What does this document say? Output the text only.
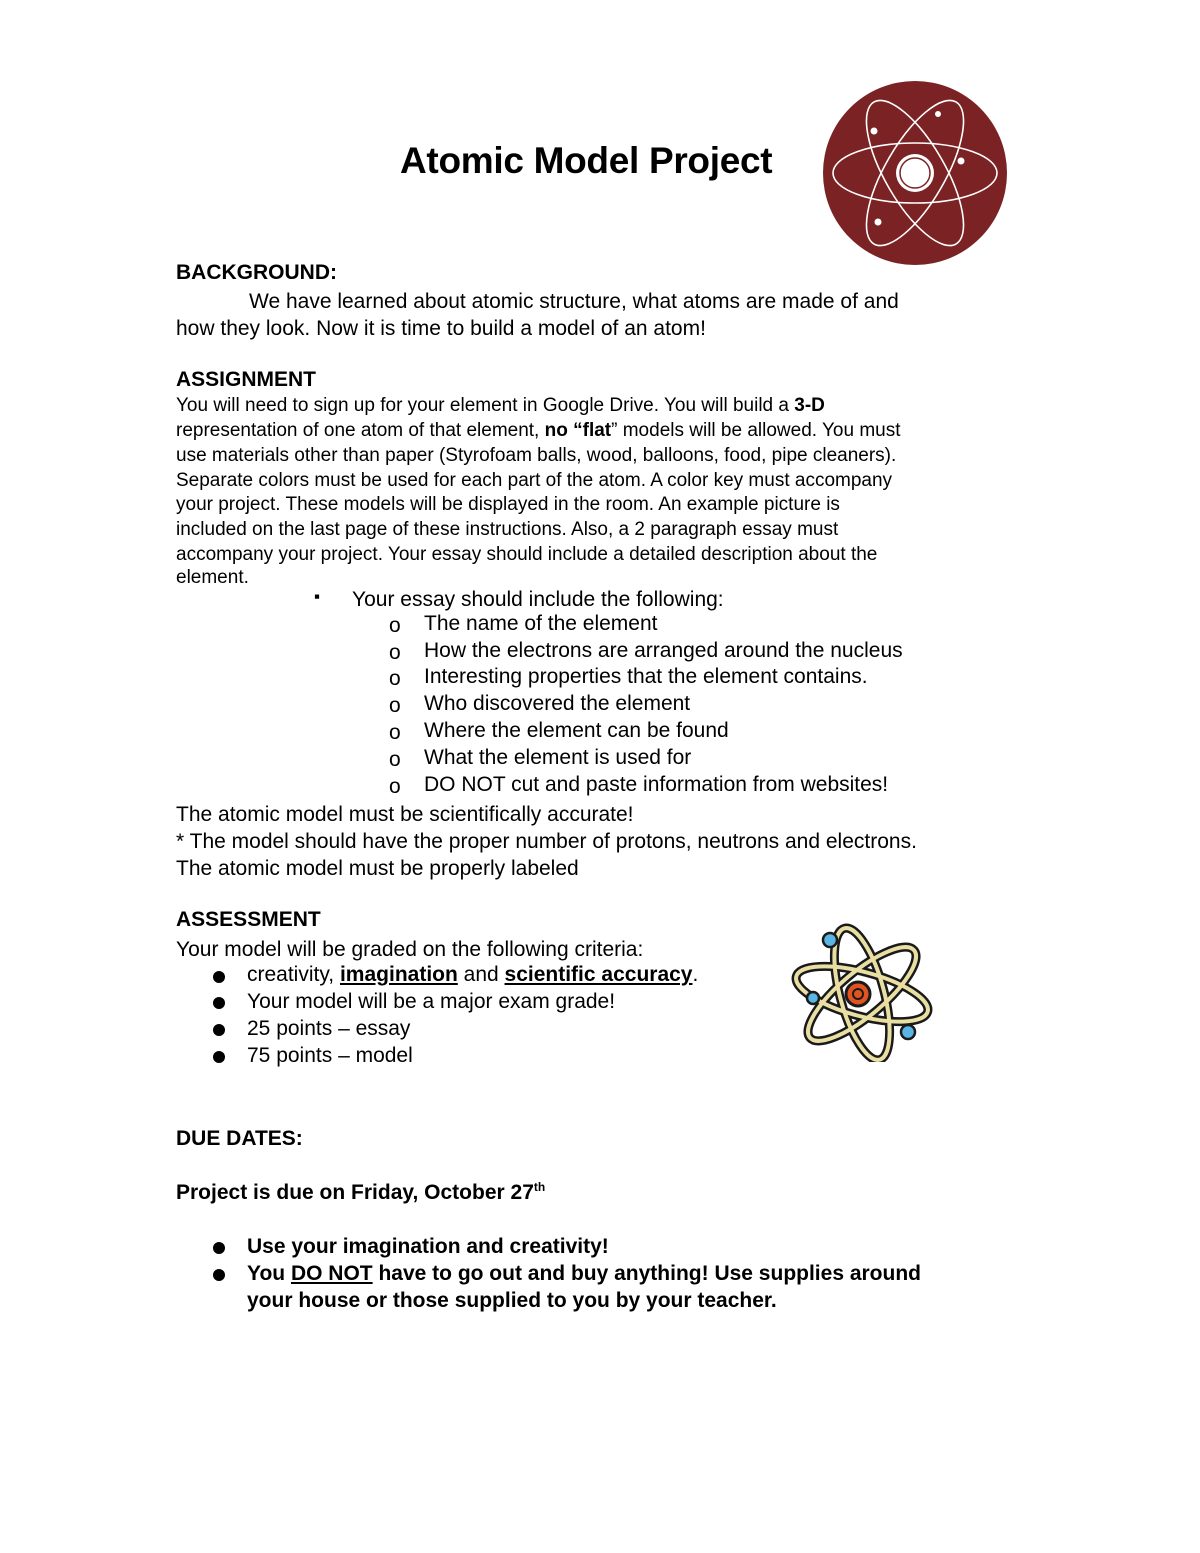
Atomic Model Project
BACKGROUND:
We have learned about atomic structure, what atoms are made of and
how they look. Now it is time to build a model of an atom!
ASSIGNMENT
You will need to sign up for your element in Google Drive. You will build a 3-D
representation of one atom of that element, no “flat” models will be allowed. You must
use materials other than paper (Styrofoam balls, wood, balloons, food, pipe cleaners).
Separate colors must be used for each part of the atom. A color key must accompany
your project. These models will be displayed in the room. An example picture is
included on the last page of these instructions. Also, a 2 paragraph essay must
accompany your project. Your essay should include a detailed description about the
element.
▪ Your essay should include the following:
o The name of the element
o How the electrons are arranged around the nucleus
o Interesting properties that the element contains.
o Who discovered the element
o Where the element can be found
o What the element is used for
o DO NOT cut and paste information from websites!
The atomic model must be scientifically accurate!
* The model should have the proper number of protons, neutrons and electrons.
The atomic model must be properly labeled
ASSESSMENT
Your model will be graded on the following criteria:
creativity, imagination and scientific accuracy.
Your model will be a major exam grade!
25 points – essay
75 points – model
DUE DATES:
Project is due on Friday, October 27th
Use your imagination and creativity!
You DO NOT have to go out and buy anything! Use supplies around
your house or those supplied to you by your teacher.
